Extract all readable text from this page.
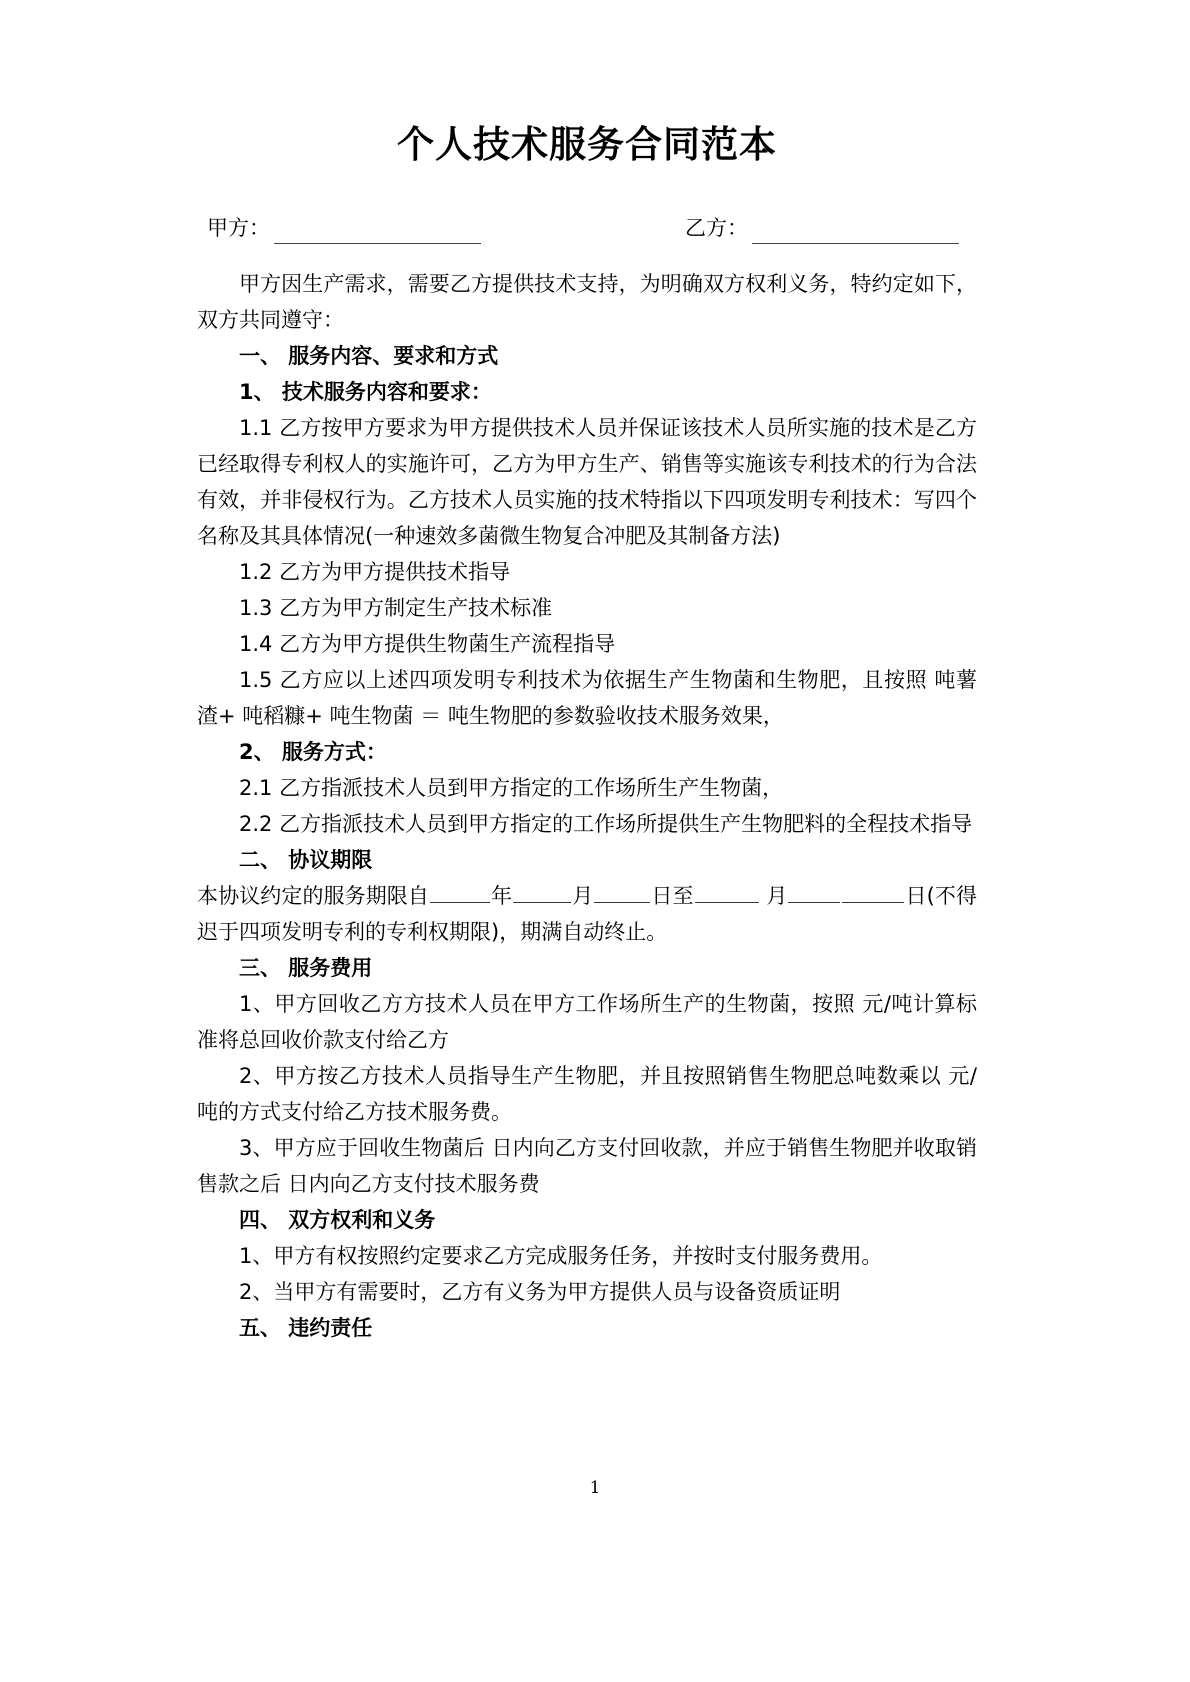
个人技术服务合同范本
甲方：	乙方：

甲方因生产需求，需要乙方提供技术支持，为明确双方权利义务，特约定如下，双方共同遵守：

一、 服务内容、要求和方式

1、 技术服务内容和要求：

1.1 乙方按甲方要求为甲方提供技术人员并保证该技术人员所实施的技术是乙方已经取得专利权人的实施许可，乙方为甲方生产、销售等实施该专利技术的行为合法有效，并非侵权行为。乙方技术人员实施的技术特指以下四项发明专利技术：写四个名称及其具体情况(一种速效多菌微生物复合冲肥及其制备方法)

1.2 乙方为甲方提供技术指导

1.3 乙方为甲方制定生产技术标准

1.4 乙方为甲方提供生物菌生产流程指导

1.5 乙方应以上述四项发明专利技术为依据生产生物菌和生物肥，且按照 吨薯渣+ 吨稻糠+ 吨生物菌 ＝ 吨生物肥的参数验收技术服务效果，

2、 服务方式：

2.1 乙方指派技术人员到甲方指定的工作场所生产生物菌，

2.2 乙方指派技术人员到甲方指定的工作场所提供生产生物肥料的全程技术指导

二、 协议期限

本协议约定的服务期限自	年	月	日至	月	日(不得迟于四项发明专利的专利权期限)，期满自动终止。

三、 服务费用

1、甲方回收乙方方技术人员在甲方工作场所生产的生物菌，按照 元/吨计算标准将总回收价款支付给乙方

2、甲方按乙方技术人员指导生产生物肥，并且按照销售生物肥总吨数乘以 元/吨的方式支付给乙方技术服务费。

3、甲方应于回收生物菌后 日内向乙方支付回收款，并应于销售生物肥并收取销售款之后 日内向乙方支付技术服务费

四、 双方权利和义务

1、甲方有权按照约定要求乙方完成服务任务，并按时支付服务费用。

2、当甲方有需要时，乙方有义务为甲方提供人员与设备资质证明

五、 违约责任

1
